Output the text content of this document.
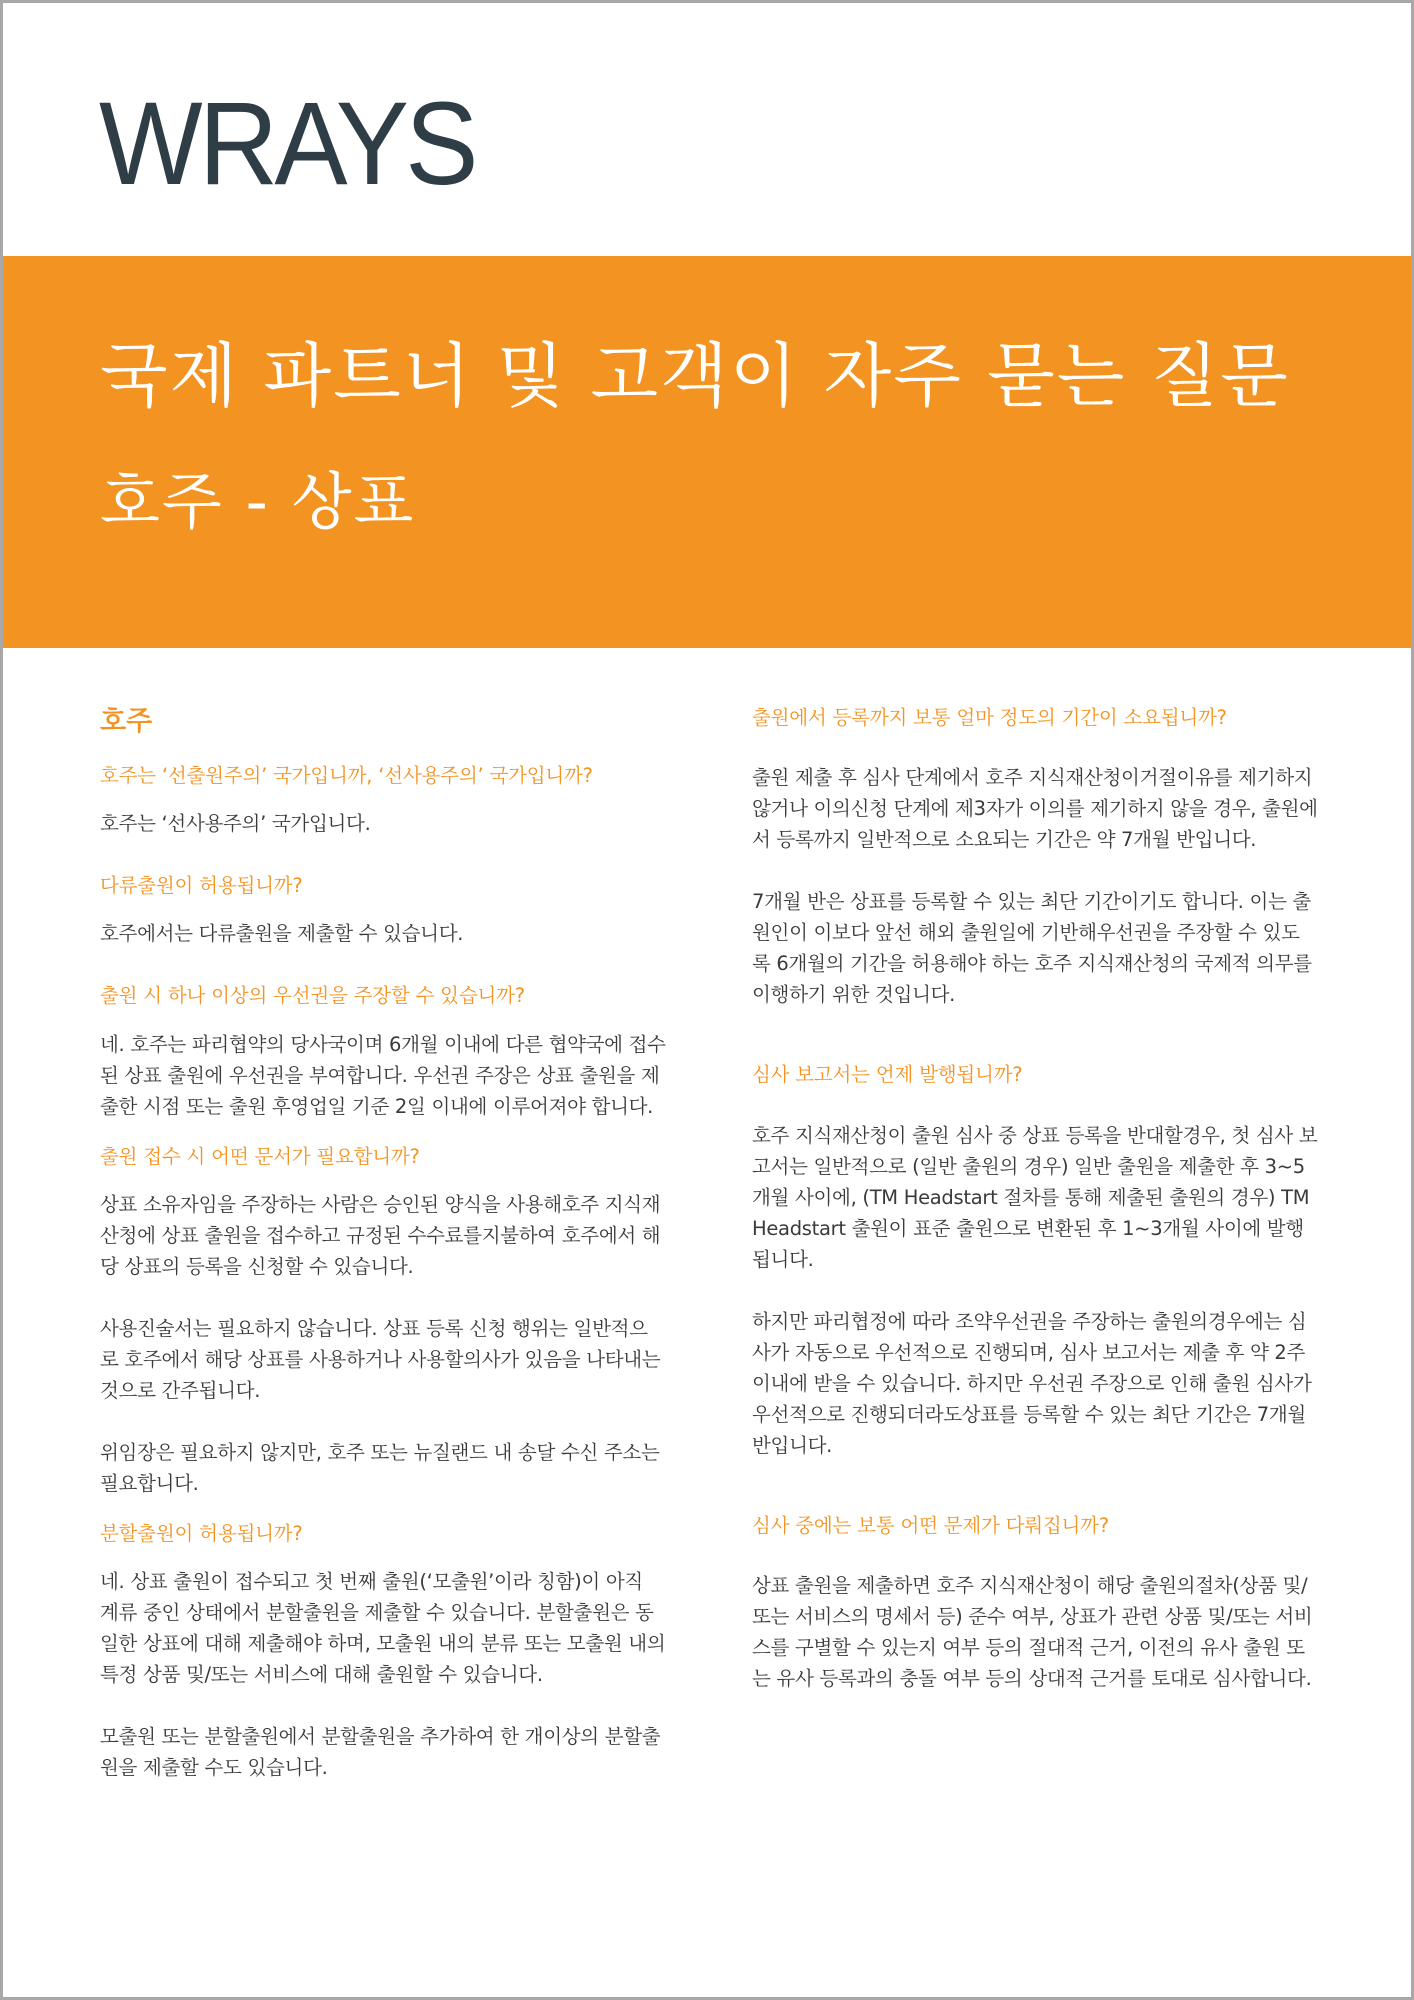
WRAYS
국제 파트너 및 고객이 자주 묻는 질문
호주 - 상표
호주
호주는 ‘선출원주의’ 국가입니까, ‘선사용주의’ 국가입니까?
호주는 ‘선사용주의’ 국가입니다.
다류출원이 허용됩니까?
호주에서는 다류출원을 제출할 수 있습니다.
출원 시 하나 이상의 우선권을 주장할 수 있습니까?
네. 호주는 파리협약의 당사국이며 6개월 이내에 다른 협약국에 접수된 상표 출원에 우선권을 부여합니다. 우선권 주장은 상표 출원을 제출한 시점 또는 출원 후영업일 기준 2일 이내에 이루어져야 합니다.
출원 접수 시 어떤 문서가 필요합니까?
상표 소유자임을 주장하는 사람은 승인된 양식을 사용해호주 지식재산청에 상표 출원을 접수하고 규정된 수수료를지불하여 호주에서 해당 상표의 등록을 신청할 수 있습니다.
사용진술서는 필요하지 않습니다. 상표 등록 신청 행위는 일반적으로 호주에서 해당 상표를 사용하거나 사용할의사가 있음을 나타내는 것으로 간주됩니다.
위임장은 필요하지 않지만, 호주 또는 뉴질랜드 내 송달 수신 주소는 필요합니다.
분할출원이 허용됩니까?
네. 상표 출원이 접수되고 첫 번째 출원(‘모출원’이라 칭함)이 아직 계류 중인 상태에서 분할출원을 제출할 수 있습니다. 분할출원은 동일한 상표에 대해 제출해야 하며, 모출원 내의 분류 또는 모출원 내의 특정 상품 및/또는 서비스에 대해 출원할 수 있습니다.
모출원 또는 분할출원에서 분할출원을 추가하여 한 개이상의 분할출원을 제출할 수도 있습니다.
출원에서 등록까지 보통 얼마 정도의 기간이 소요됩니까?
출원 제출 후 심사 단계에서 호주 지식재산청이거절이유를 제기하지 않거나 이의신청 단계에 제3자가 이의를 제기하지 않을 경우, 출원에서 등록까지 일반적으로 소요되는 기간은 약 7개월 반입니다.
7개월 반은 상표를 등록할 수 있는 최단 기간이기도 합니다. 이는 출원인이 이보다 앞선 해외 출원일에 기반해우선권을 주장할 수 있도록 6개월의 기간을 허용해야 하는 호주 지식재산청의 국제적 의무를 이행하기 위한 것입니다.
심사 보고서는 언제 발행됩니까?
호주 지식재산청이 출원 심사 중 상표 등록을 반대할경우, 첫 심사 보고서는 일반적으로 (일반 출원의 경우) 일반 출원을 제출한 후 3~5개월 사이에, (TM Headstart 절차를 통해 제출된 출원의 경우) TM Headstart 출원이 표준 출원으로 변환된 후 1~3개월 사이에 발행됩니다.
하지만 파리협정에 따라 조약우선권을 주장하는 출원의경우에는 심사가 자동으로 우선적으로 진행되며, 심사 보고서는 제출 후 약 2주 이내에 받을 수 있습니다. 하지만 우선권 주장으로 인해 출원 심사가 우선적으로 진행되더라도상표를 등록할 수 있는 최단 기간은 7개월 반입니다.
심사 중에는 보통 어떤 문제가 다뤄집니까?
상표 출원을 제출하면 호주 지식재산청이 해당 출원의절차(상품 및/또는 서비스의 명세서 등) 준수 여부, 상표가 관련 상품 및/또는 서비스를 구별할 수 있는지 여부 등의 절대적 근거, 이전의 유사 출원 또는 유사 등록과의 충돌 여부 등의 상대적 근거를 토대로 심사합니다.
